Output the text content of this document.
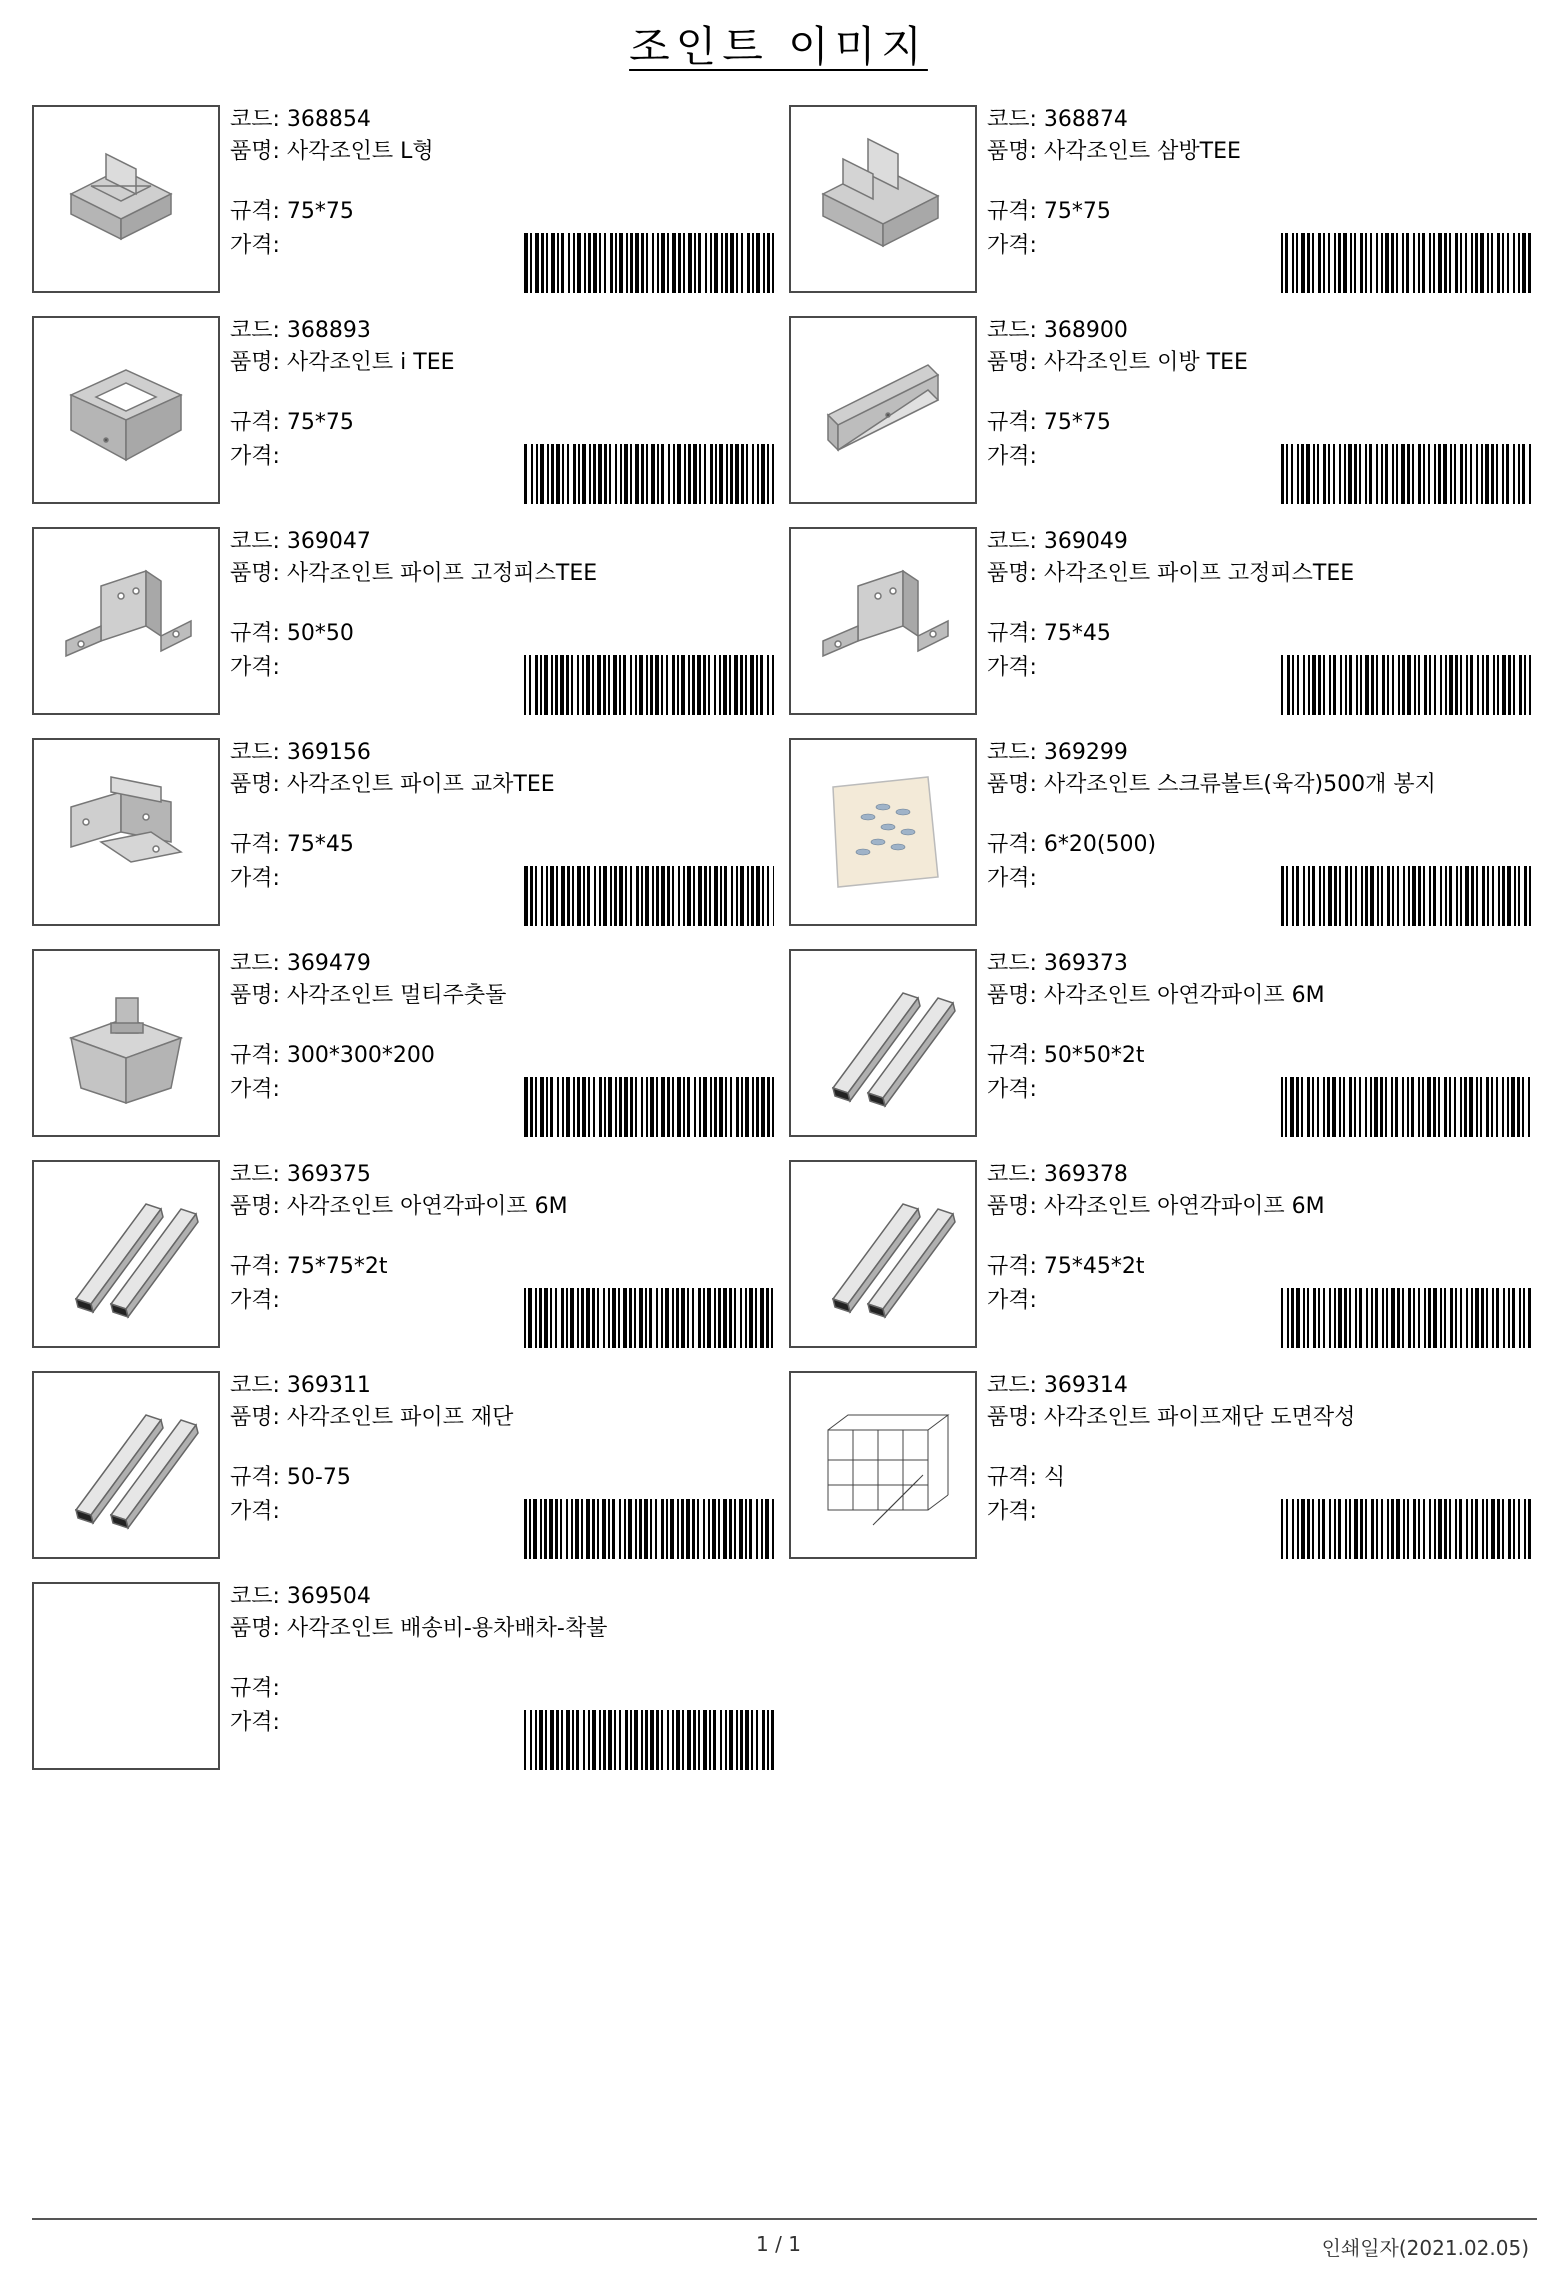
조인트 이미지
코드: 368854
품명: 사각조인트 L형
규격: 75*75
가격:
코드: 368874
품명: 사각조인트 삼방TEE
규격: 75*75
가격:
코드: 368893
품명: 사각조인트 i TEE
규격: 75*75
가격:
코드: 368900
품명: 사각조인트 이방 TEE
규격: 75*75
가격:
코드: 369047
품명: 사각조인트 파이프 고정피스TEE
규격: 50*50
가격:
코드: 369049
품명: 사각조인트 파이프 고정피스TEE
규격: 75*45
가격:
코드: 369156
품명: 사각조인트 파이프 교차TEE
규격: 75*45
가격:
코드: 369299
품명: 사각조인트 스크류볼트(육각)500개 봉지
규격: 6*20(500)
가격:
코드: 369479
품명: 사각조인트 멀티주춧돌
규격: 300*300*200
가격:
코드: 369373
품명: 사각조인트 아연각파이프 6M
규격: 50*50*2t
가격:
코드: 369375
품명: 사각조인트 아연각파이프 6M
규격: 75*75*2t
가격:
코드: 369378
품명: 사각조인트 아연각파이프 6M
규격: 75*45*2t
가격:
코드: 369311
품명: 사각조인트 파이프 재단
규격: 50-75
가격:
코드: 369314
품명: 사각조인트 파이프재단 도면작성
규격: 식
가격:
코드: 369504
품명: 사각조인트 배송비-용차배차-착불
규격:
가격:
1 / 1	인쇄일자(2021.02.05)
